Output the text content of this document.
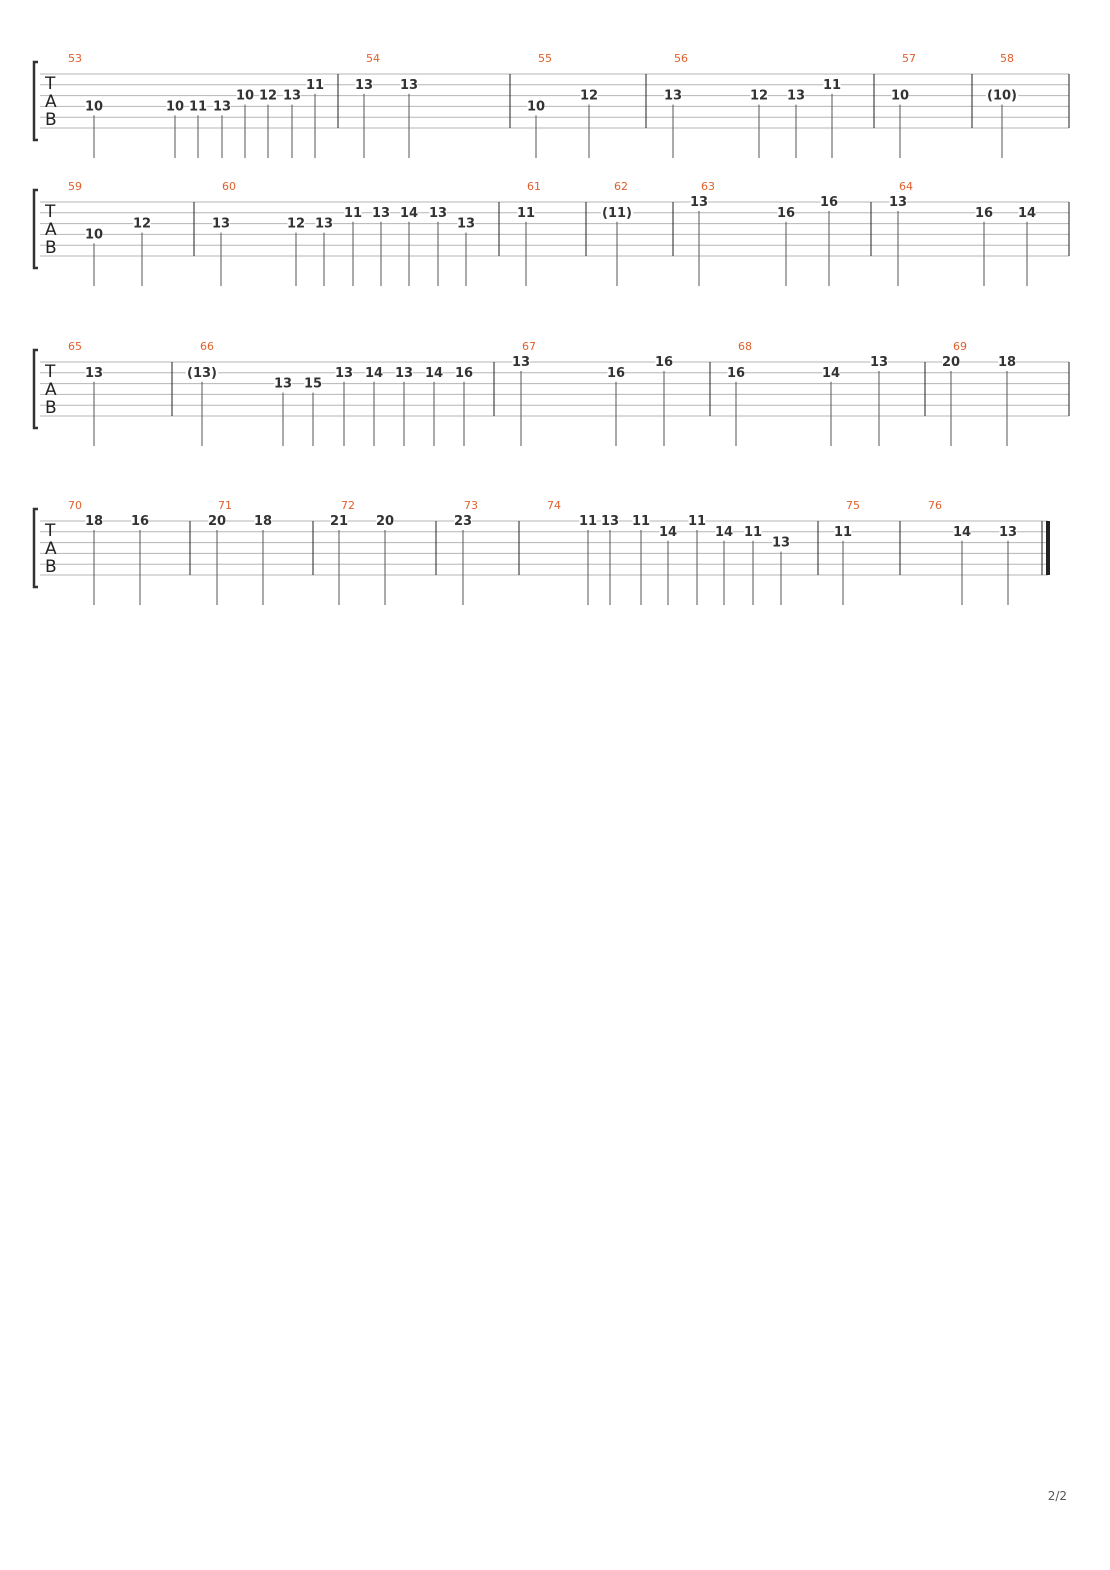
T
A
B
53	54	55	56	57	58
10	10 11 13
10 12 13
11 13 13
10
12	13	12 13
11
10	(10)
T
A
B
59	60	61	62	63	64
10
12	13	12 13
11 13 14 13
13
11	(11)
13
16
16	13
16 14
T
A
B
65	66	67	68	69
13	(13)
13 15
13 14 13 14 16
13
16
16
16	14
13	20	18
T
A
B
70	71	72	73	74	75	76
18 16	20 18	21 20	23	11 13 11
14
11
14 11
13
11	14 13
2/2
